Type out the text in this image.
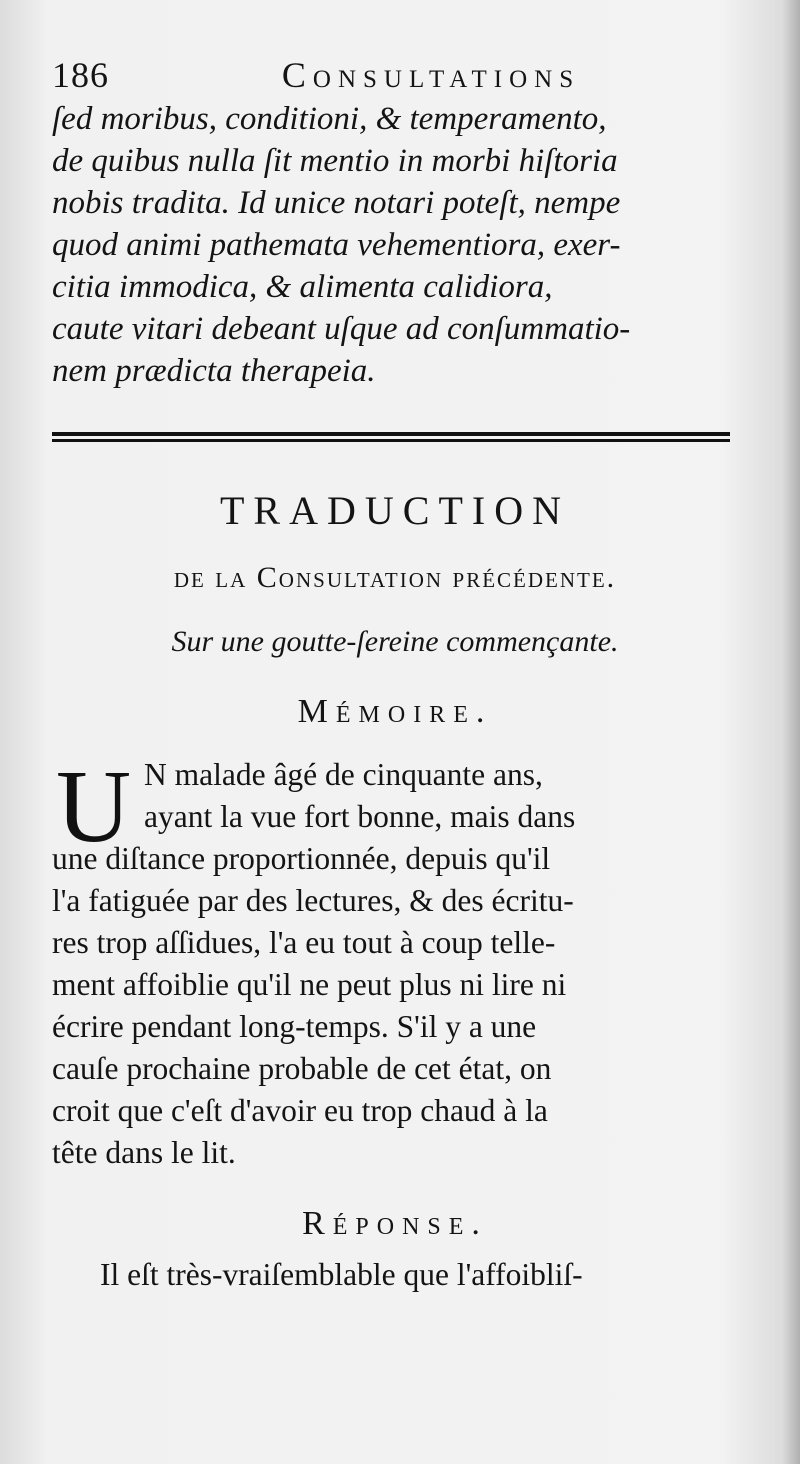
186	Consultations
ſed moribus, conditioni, & temperamento,
de quibus nulla ſit mentio in morbi hiſtoria
nobis tradita. Id unice notari poteſt, nempe
quod animi pathemata vehementiora, exer-
citia immodica, & alimenta calidiora,
caute vitari debeant uſque ad conſummatio-
nem prædicta therapeia.
TRADUCTION
de la Consultation précédente.
Sur une goutte-ſereine commençante.
Mémoire.
U N malade âgé de cinquante ans,
ayant la vue fort bonne, mais dans
une diſtance proportionnée, depuis qu'il
l'a fatiguée par des lectures, & des écritu-
res trop aſſidues, l'a eu tout à coup telle-
ment affoiblie qu'il ne peut plus ni lire ni
écrire pendant long-temps. S'il y a une
cauſe prochaine probable de cet état, on
croit que c'eſt d'avoir eu trop chaud à la
tête dans le lit.
Réponse.
Il eſt très-vraiſemblable que l'affoibliſ-
